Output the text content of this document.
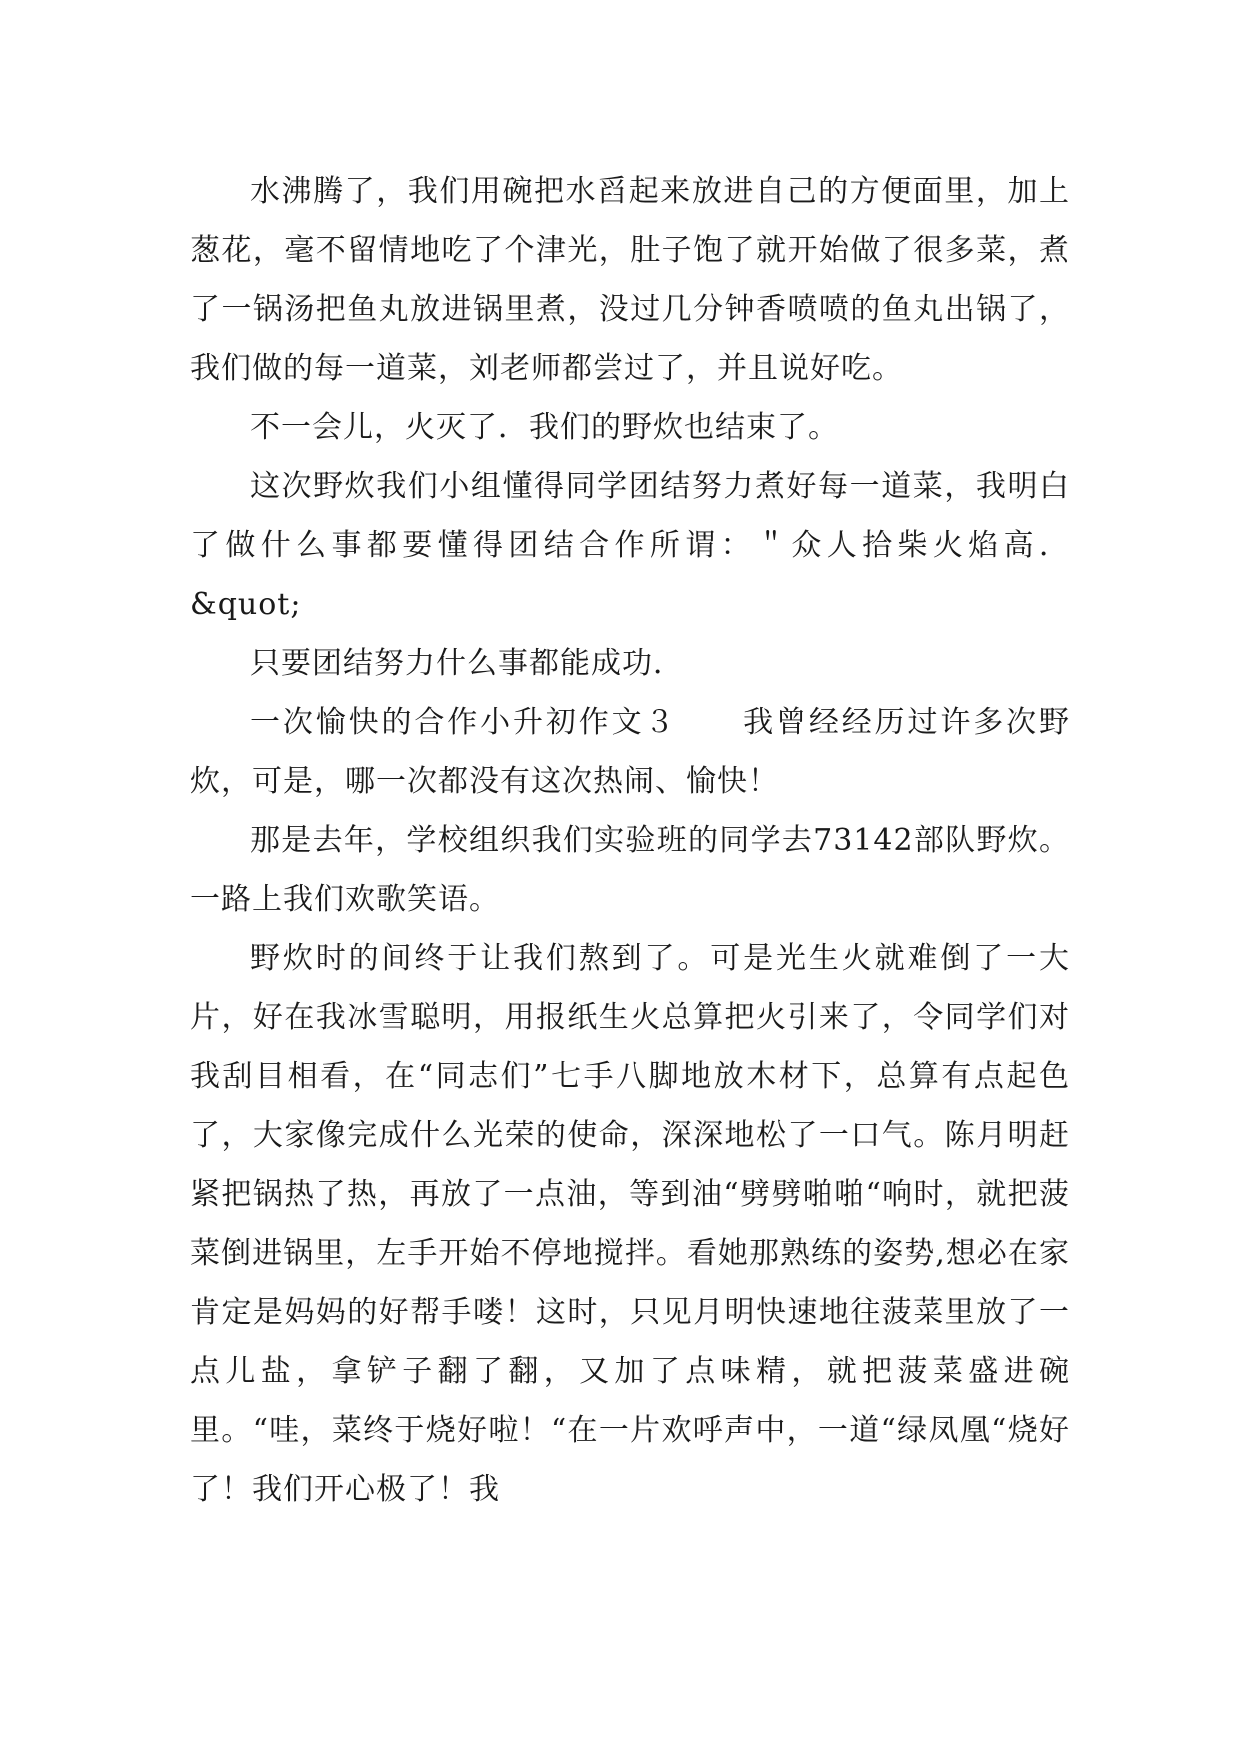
水沸腾了，我们用碗把水舀起来放进自己的方便面里，加上葱花，毫不留情地吃了个津光，肚子饱了就开始做了很多菜，煮了一锅汤把鱼丸放进锅里煮，没过几分钟香喷喷的鱼丸出锅了，我们做的每一道菜，刘老师都尝过了，并且说好吃。

不一会儿，火灭了．我们的野炊也结束了。

这次野炊我们小组懂得同学团结努力煮好每一道菜，我明白了做什么事都要懂得团结合作所谓：＂众人拾柴火焰高．&quot;

只要团结努力什么事都能成功．

一次愉快的合作小升初作文３　　我曾经经历过许多次野炊，可是，哪一次都没有这次热闹、愉快！

那是去年，学校组织我们实验班的同学去73142部队野炊。一路上我们欢歌笑语。

野炊时的间终于让我们熬到了。可是光生火就难倒了一大片，好在我冰雪聪明，用报纸生火总算把火引来了，令同学们对我刮目相看，在“同志们”七手八脚地放木材下，总算有点起色了，大家像完成什么光荣的使命，深深地松了一口气。陈月明赶紧把锅热了热，再放了一点油，等到油“劈劈啪啪“响时，就把菠菜倒进锅里，左手开始不停地搅拌。看她那熟练的姿势,想必在家肯定是妈妈的好帮手喽！这时，只见月明快速地往菠菜里放了一点儿盐，拿铲子翻了翻，又加了点味精，就把菠菜盛进碗里。“哇，菜终于烧好啦！“在一片欢呼声中，一道“绿凤凰“烧好了！我们开心极了！我
